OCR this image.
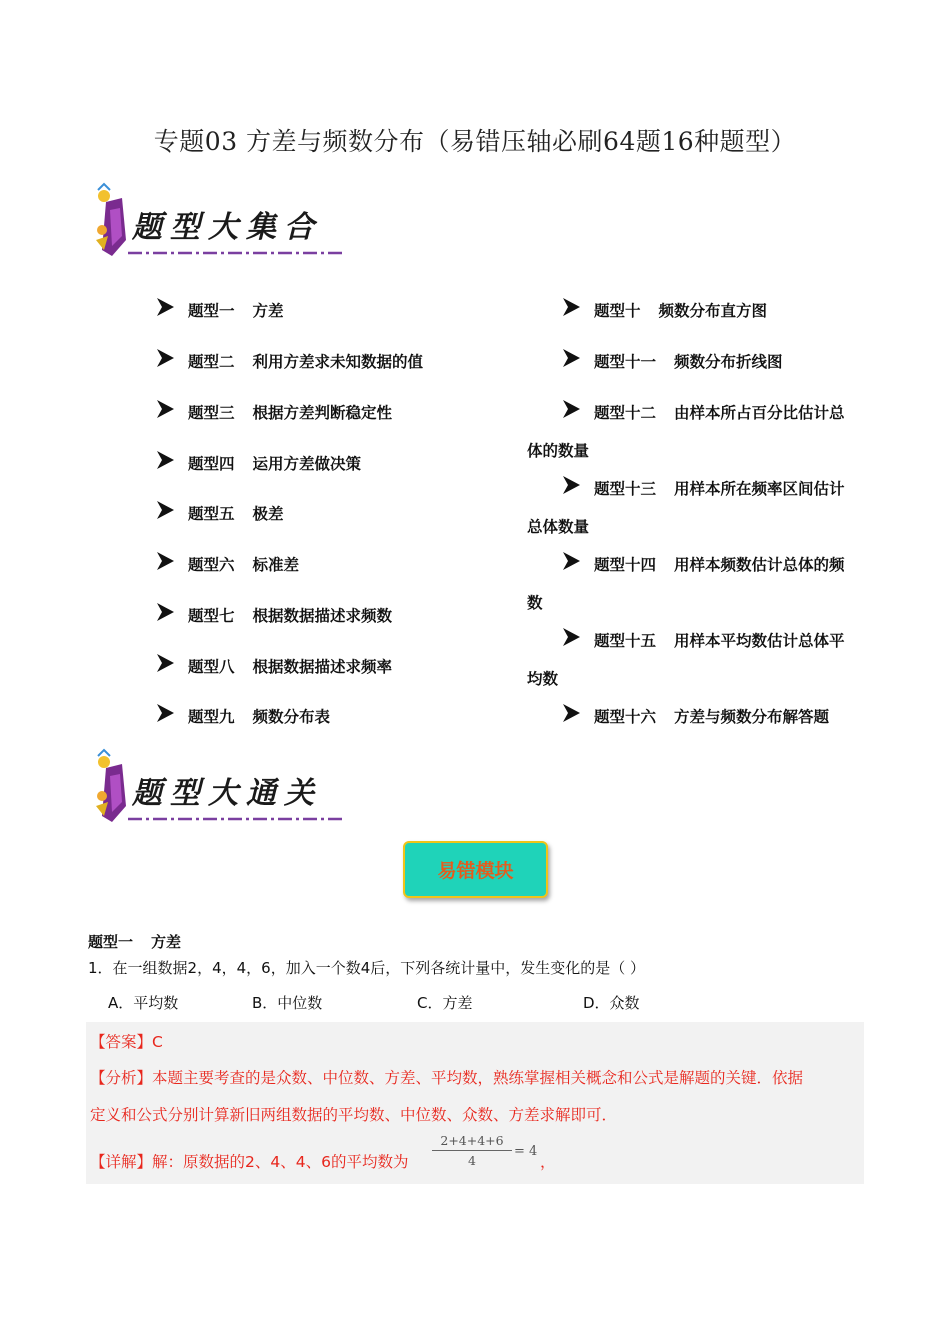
专题03 方差与频数分布（易错压轴必刷64题16种题型）
题型大集合
题型一 方差
题型二 利用方差求未知数据的值
题型三 根据方差判断稳定性
题型四 运用方差做决策
题型五 极差
题型六 标准差
题型七 根据数据描述求频数
题型八 根据数据描述求频率
题型九 频数分布表
题型十 频数分布直方图
题型十一 频数分布折线图
题型十二 由样本所占百分比估计总
体的数量
题型十三 用样本所在频率区间估计
总体数量
题型十四 用样本频数估计总体的频
数
题型十五 用样本平均数估计总体平
均数
题型十六 方差与频数分布解答题
题型大通关
易错模块
题型一 方差
1．在一组数据2，4，4，6，加入一个数4后，下列各统计量中，发生变化的是（ ）
A．平均数	B．中位数	C．方差	D．众数
【答案】C
【分析】本题主要考查的是众数、中位数、方差、平均数，熟练掌握相关概念和公式是解题的关键．依据
定义和公式分别计算新旧两组数据的平均数、中位数、众数、方差求解即可．
【详解】解：原数据的2、4、4、6的平均数为 $\frac{2+4+4+6}{4} = 4$
，
